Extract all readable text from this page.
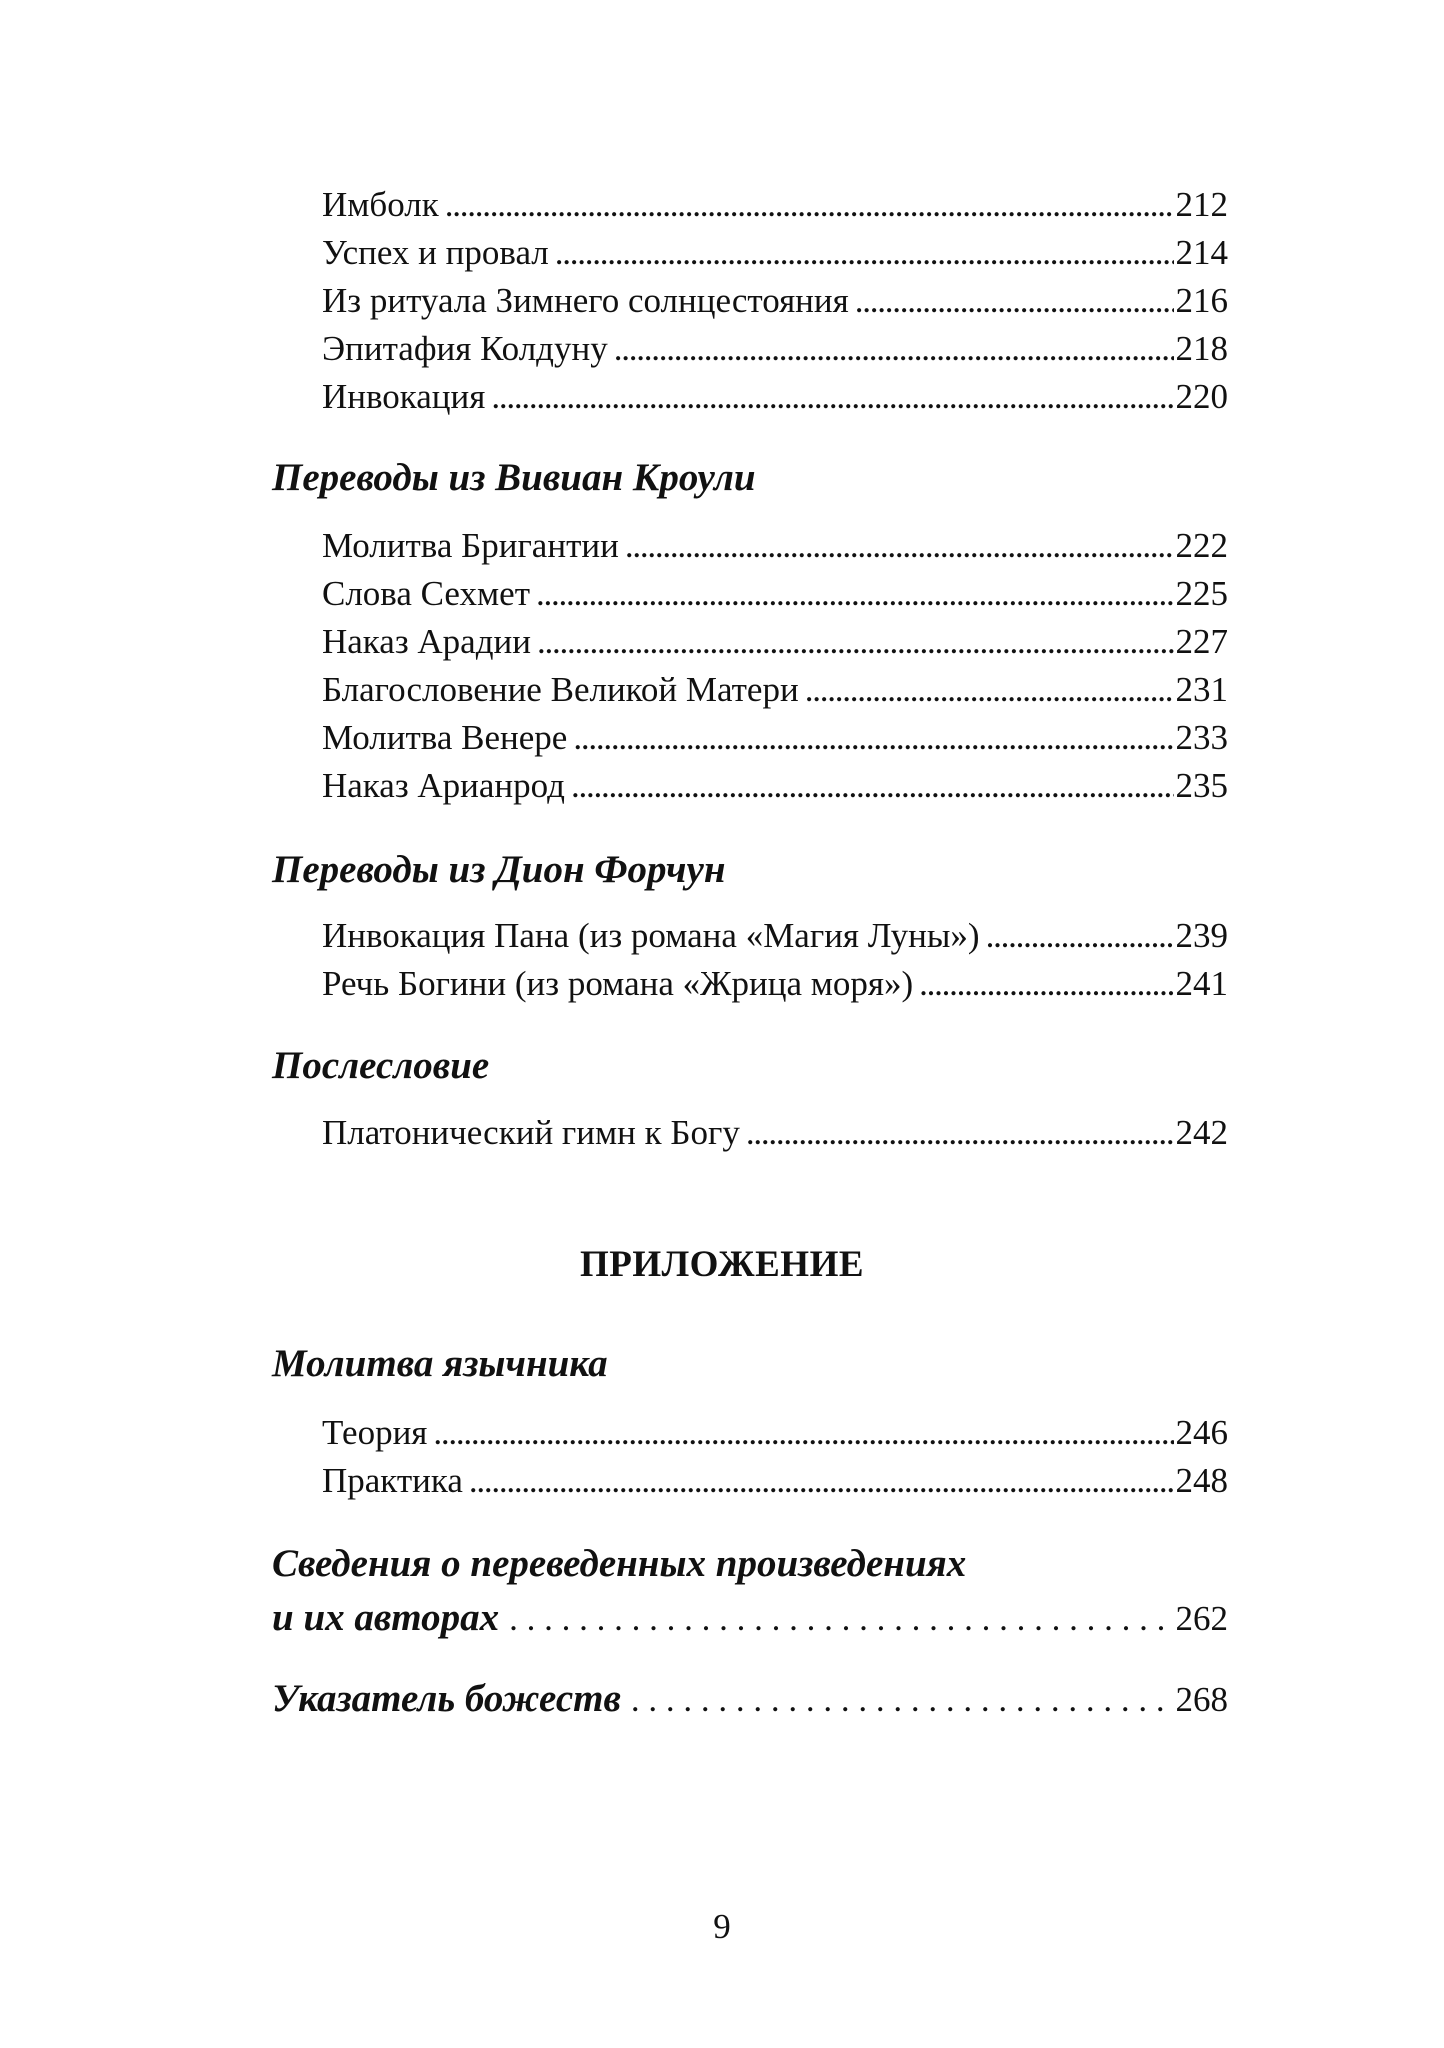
Имболк . . .	212
Успех и провал . . .	214
Из ритуала Зимнего солнцестояния . . .	216
Эпитафия Колдуну . . .	218
Инвокация . . .	220
Переводы из Вивиан Кроули
Молитва Бригантии . . .	222
Слова Сехмет . . .	225
Наказ Арадии . . .	227
Благословение Великой Матери . . .	231
Молитва Венере . . .	233
Наказ Арианрод . . .	235
Переводы из Дион Форчун
Инвокация Пана (из романа «Магия Луны») . . .	239
Речь Богини (из романа «Жрица моря») . . .	241
Послесловие
Платонический гимн к Богу . . .	242
ПРИЛОЖЕНИЕ
Молитва язычника
Теория . . .	246
Практика . . .	248
Сведения о переведенных произведениях
и их авторах . . .	262
Указатель божеств . . .	268
9
